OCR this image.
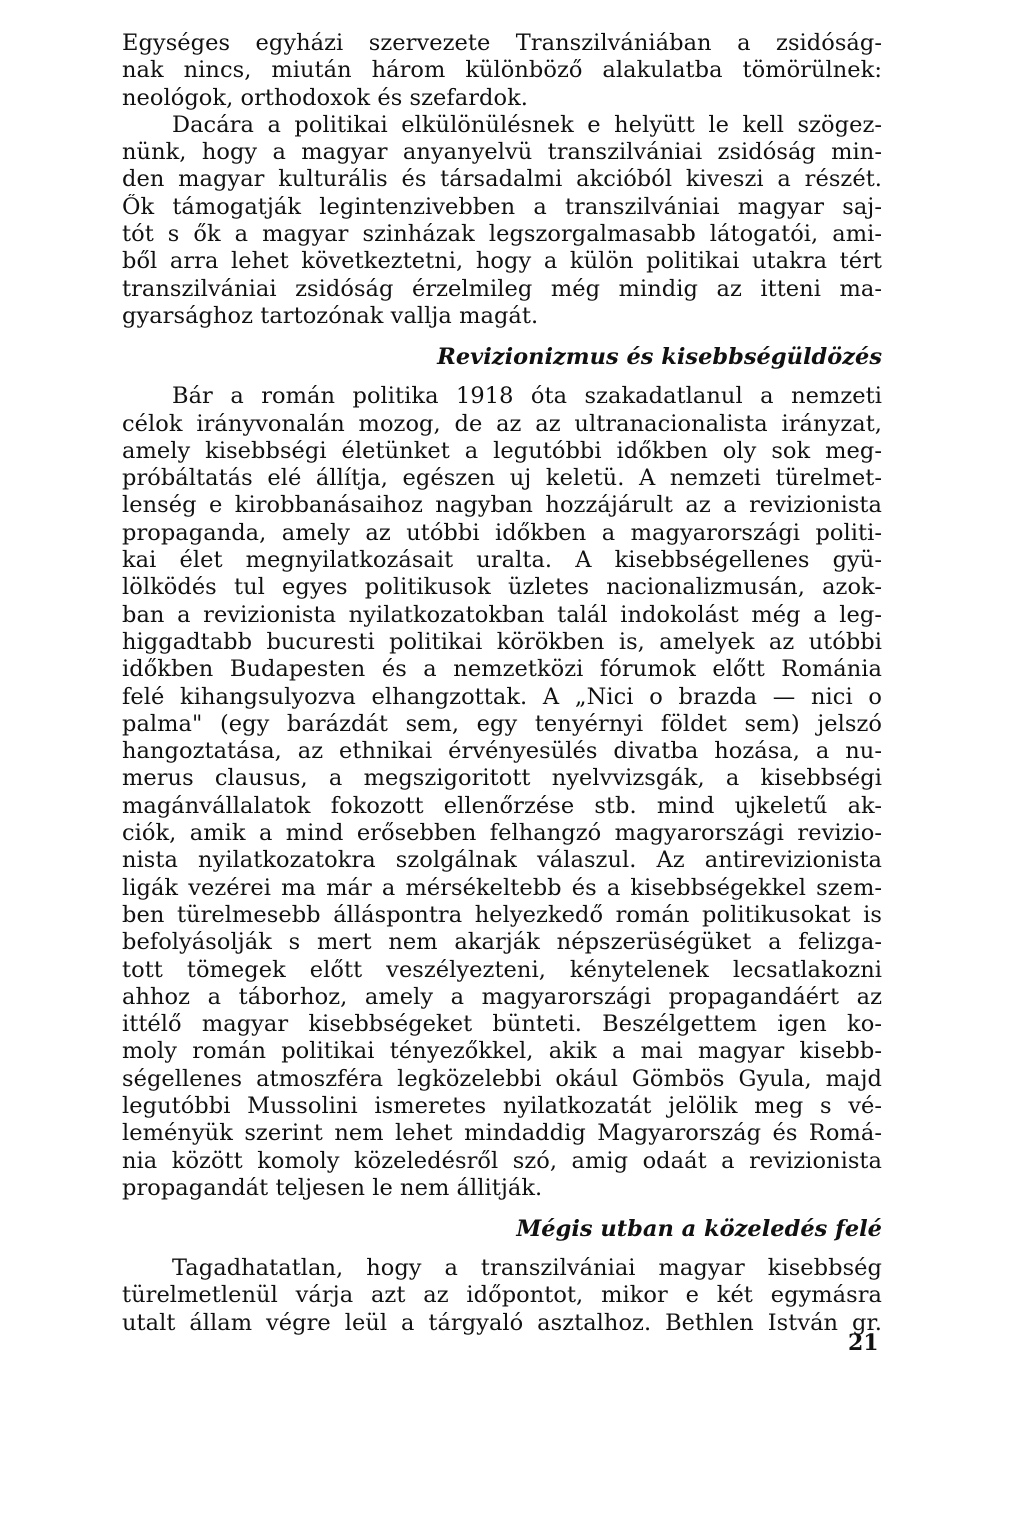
Egységes egyházi szervezete Transzilvániában a zsidóság-
nak nincs, miután három különböző alakulatba tömörülnek:
neológok, orthodoxok és szefardok.

Dacára a politikai elkülönülésnek e helyütt le kell szögez-
nünk, hogy a magyar anyanyelvü transzilvániai zsidóság min-
den magyar kulturális és társadalmi akcióból kiveszi a részét.
Ők támogatják legintenzivebben a transzilvániai magyar saj-
tót s ők a magyar szinházak legszorgalmasabb látogatói, ami-
ből arra lehet következtetni, hogy a külön politikai utakra tért
transzilvániai zsidóság érzelmileg még mindig az itteni ma-
gyarsághoz tartozónak vallja magát.

Revizionizmus és kisebbségüldözés

Bár a román politika 1918 óta szakadatlanul a nemzeti
célok irányvonalán mozog, de az az ultranacionalista irányzat,
amely kisebbségi életünket a legutóbbi időkben oly sok meg-
próbáltatás elé állítja, egészen uj keletü. A nemzeti türelmet-
lenség e kirobbanásaihoz nagyban hozzájárult az a revizionista
propaganda, amely az utóbbi időkben a magyarországi politi-
kai élet megnyilatkozásait uralta. A kisebbségellenes gyü-
lölködés tul egyes politikusok üzletes nacionalizmusán, azok-
ban a revizionista nyilatkozatokban talál indokolást még a leg-
higgadtabb bucuresti politikai körökben is, amelyek az utóbbi
időkben Budapesten és a nemzetközi fórumok előtt Románia
felé kihangsulyozva elhangzottak. A „Nici o brazda — nici o
palma" (egy barázdát sem, egy tenyérnyi földet sem) jelszó
hangoztatása, az ethnikai érvényesülés divatba hozása, a nu-
merus clausus, a megszigoritott nyelvvizsgák, a kisebbségi
magánvállalatok fokozott ellenőrzése stb. mind ujkeletű ak-
ciók, amik a mind erősebben felhangzó magyarországi revizio-
nista nyilatkozatokra szolgálnak válaszul. Az antirevizionista
ligák vezérei ma már a mérsékeltebb és a kisebbségekkel szem-
ben türelmesebb álláspontra helyezkedő román politikusokat is
befolyásolják s mert nem akarják népszerüségüket a felizga-
tott tömegek előtt veszélyezteni, kénytelenek lecsatlakozni
ahhoz a táborhoz, amely a magyarországi propagandáért az
ittélő magyar kisebbségeket bünteti. Beszélgettem igen ko-
moly román politikai tényezőkkel, akik a mai magyar kisebb-
ségellenes atmoszféra legközelebbi okául Gömbös Gyula, majd
legutóbbi Mussolini ismeretes nyilatkozatát jelölik meg s vé-
leményük szerint nem lehet mindaddig Magyarország és Romá-
nia között komoly közeledésről szó, amig odaát a revizionista
propagandát teljesen le nem állitják.

Mégis utban a közeledés felé

Tagadhatatlan, hogy a transzilvániai magyar kisebbség
türelmetlenül várja azt az időpontot, mikor e két egymásra
utalt állam végre leül a tárgyaló asztalhoz. Bethlen István gr.

21
